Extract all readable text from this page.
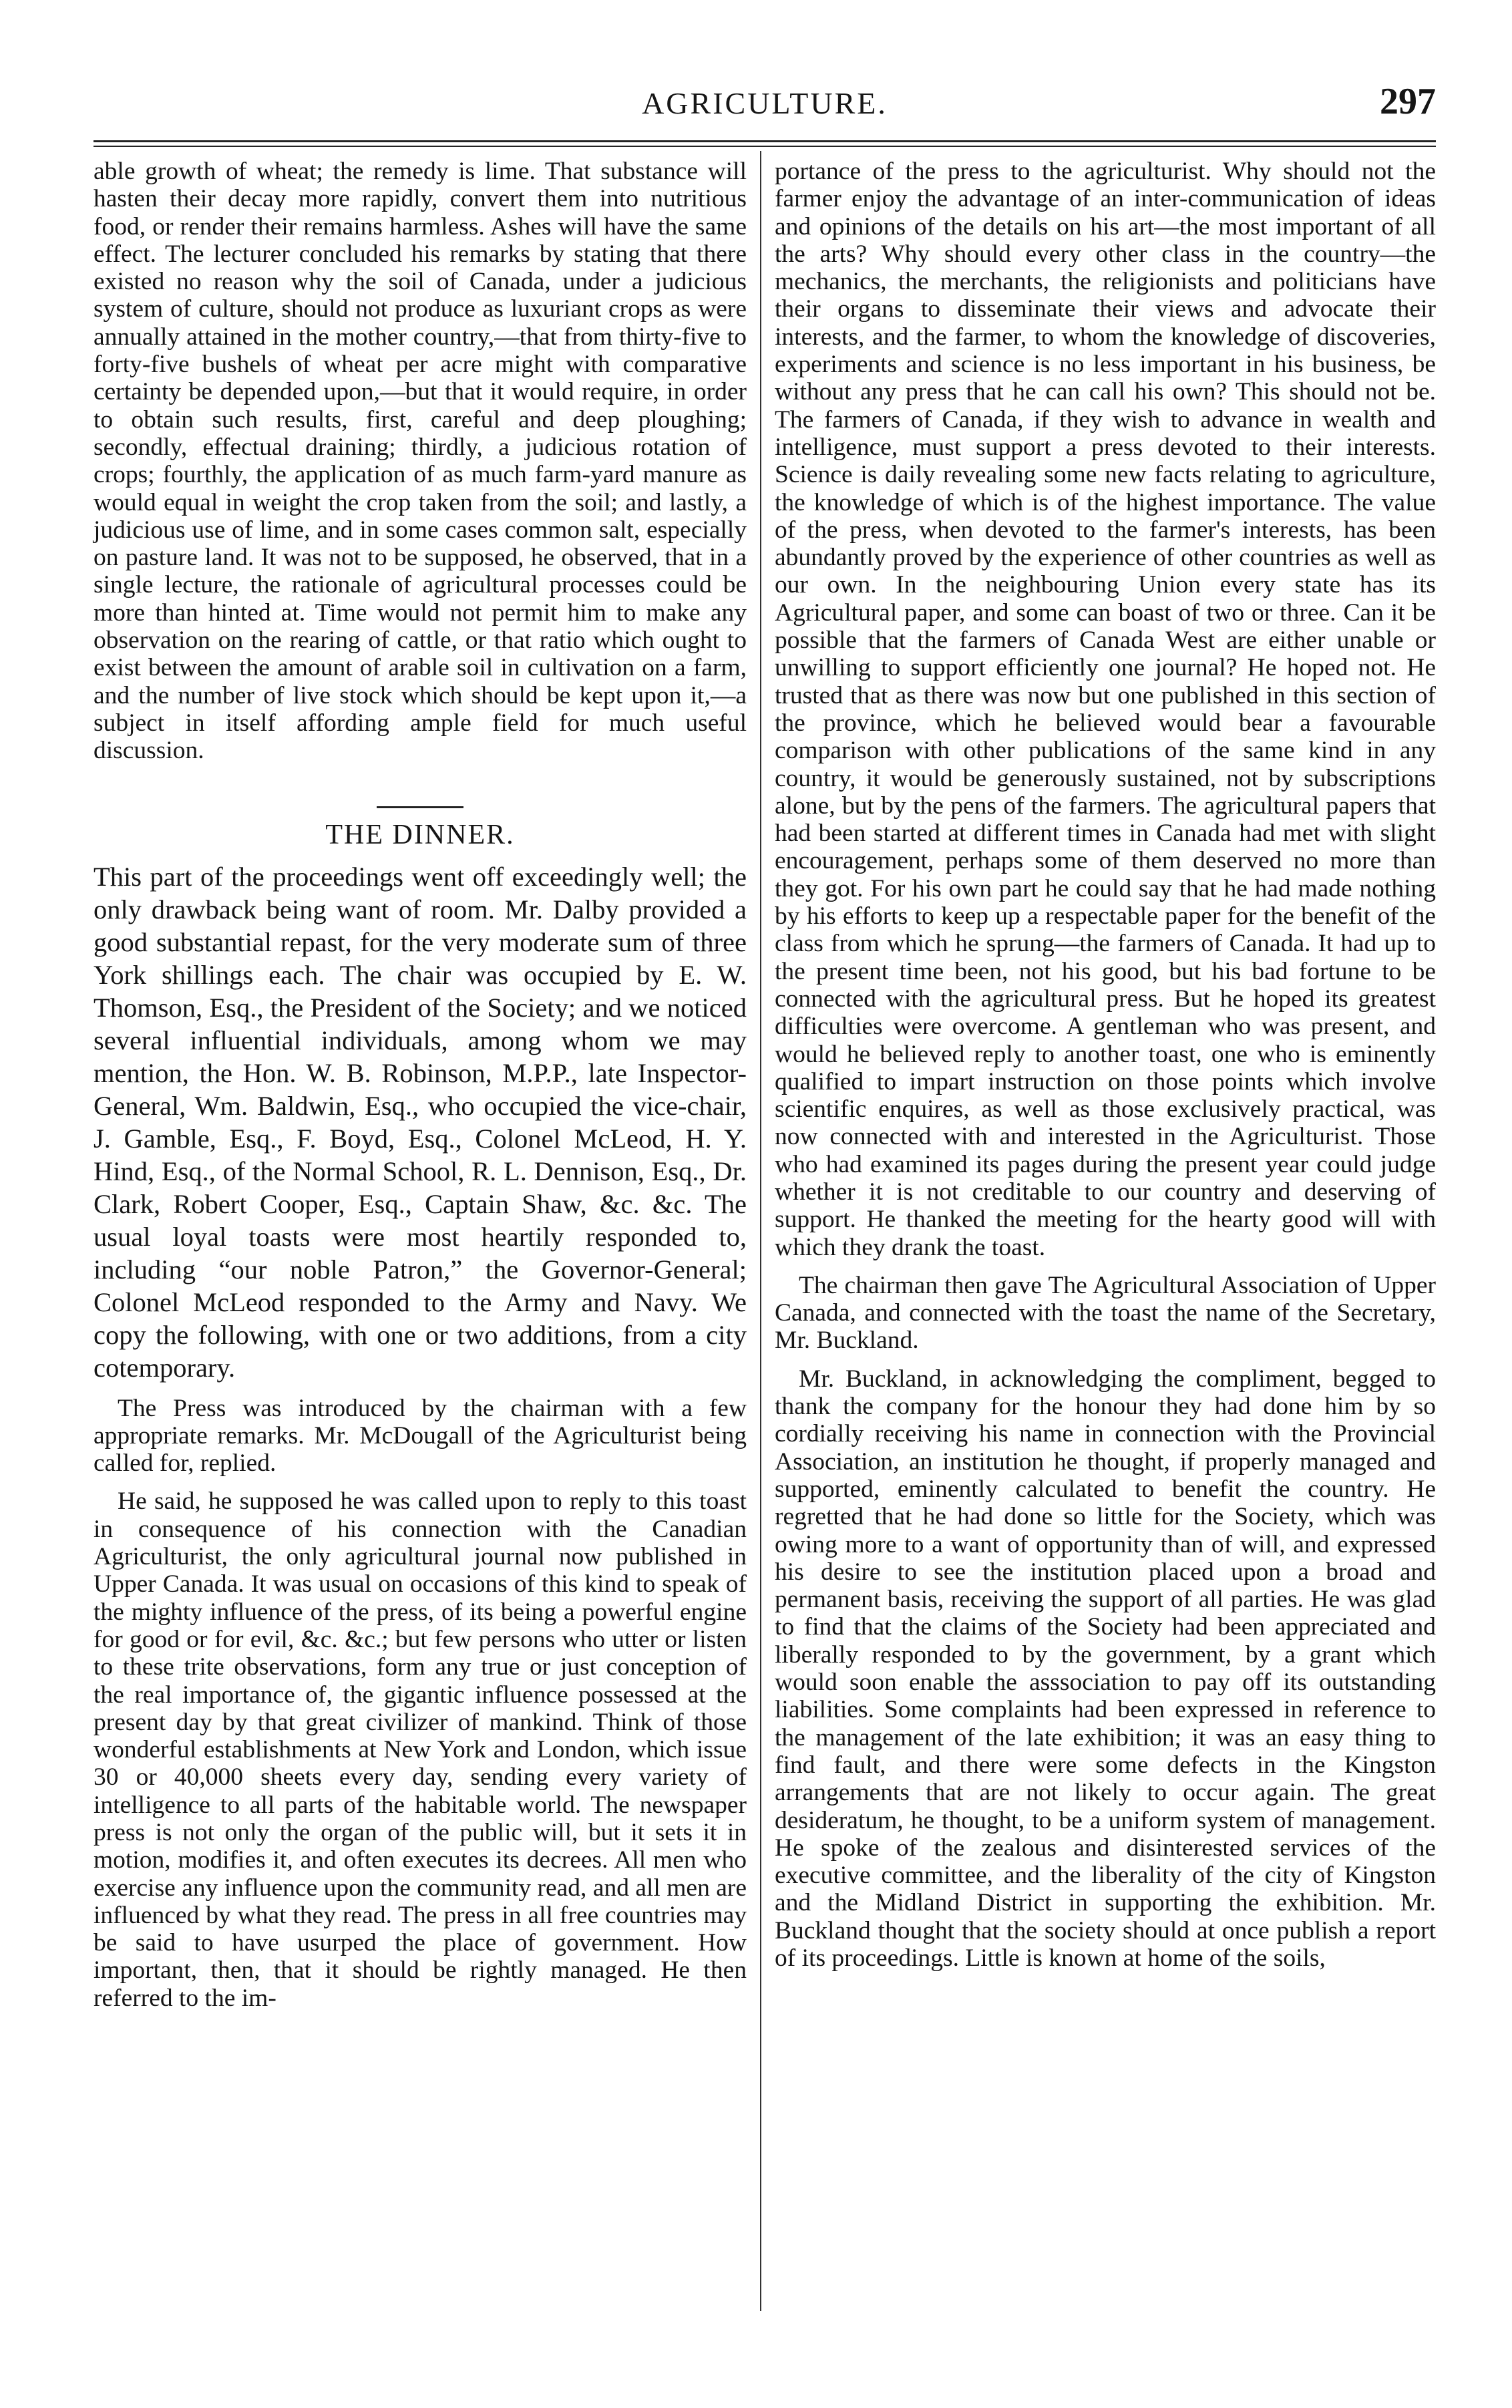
AGRICULTURE.	297

able growth of wheat; the remedy is lime. That substance will hasten their decay more rapidly, convert them into nutritious food, or render their remains harmless. Ashes will have the same effect. The lecturer concluded his remarks by stating that there existed no reason why the soil of Canada, under a judicious system of culture, should not produce as luxuriant crops as were annually attained in the mother country,—that from thirty-five to forty-five bushels of wheat per acre might with comparative certainty be depended upon,—but that it would require, in order to obtain such results, first, careful and deep ploughing; secondly, effectual draining; thirdly, a judicious rotation of crops; fourthly, the application of as much farm-yard manure as would equal in weight the crop taken from the soil; and lastly, a judicious use of lime, and in some cases common salt, especially on pasture land. It was not to be supposed, he observed, that in a single lecture, the rationale of agricultural processes could be more than hinted at. Time would not permit him to make any observation on the rearing of cattle, or that ratio which ought to exist between the amount of arable soil in cultivation on a farm, and the number of live stock which should be kept upon it,—a subject in itself affording ample field for much useful discussion.

THE DINNER.

This part of the proceedings went off exceedingly well; the only drawback being want of room. Mr. Dalby provided a good substantial repast, for the very moderate sum of three York shillings each. The chair was occupied by E. W. Thomson, Esq., the President of the Society; and we noticed several influential individuals, among whom we may mention, the Hon. W. B. Robinson, M.P.P., late Inspector-General, Wm. Baldwin, Esq., who occupied the vice-chair, J. Gamble, Esq., F. Boyd, Esq., Colonel McLeod, H. Y. Hind, Esq., of the Normal School, R. L. Dennison, Esq., Dr. Clark, Robert Cooper, Esq., Captain Shaw, &c. &c. The usual loyal toasts were most heartily responded to, including “our noble Patron,” the Governor-General; Colonel McLeod responded to the Army and Navy. We copy the following, with one or two additions, from a city cotemporary.

The Press was introduced by the chairman with a few appropriate remarks. Mr. McDougall of the Agriculturist being called for, replied.

He said, he supposed he was called upon to reply to this toast in consequence of his connection with the Canadian Agriculturist, the only agricultural journal now published in Upper Canada. It was usual on occasions of this kind to speak of the mighty influence of the press, of its being a powerful engine for good or for evil, &c. &c.; but few persons who utter or listen to these trite observations, form any true or just conception of the real importance of, the gigantic influence possessed at the present day by that great civilizer of mankind. Think of those wonderful establishments at New York and London, which issue 30 or 40,000 sheets every day, sending every variety of intelligence to all parts of the habitable world. The newspaper press is not only the organ of the public will, but it sets it in motion, modifies it, and often executes its decrees. All men who exercise any influence upon the community read, and all men are influenced by what they read. The press in all free countries may be said to have usurped the place of government. How important, then, that it should be rightly managed. He then referred to the im-

portance of the press to the agriculturist. Why should not the farmer enjoy the advantage of an inter-communication of ideas and opinions of the details on his art—the most important of all the arts? Why should every other class in the country—the mechanics, the merchants, the religionists and politicians have their organs to disseminate their views and advocate their interests, and the farmer, to whom the knowledge of discoveries, experiments and science is no less important in his business, be without any press that he can call his own? This should not be. The farmers of Canada, if they wish to advance in wealth and intelligence, must support a press devoted to their interests. Science is daily revealing some new facts relating to agriculture, the knowledge of which is of the highest importance. The value of the press, when devoted to the farmer's interests, has been abundantly proved by the experience of other countries as well as our own. In the neighbouring Union every state has its Agricultural paper, and some can boast of two or three. Can it be possible that the farmers of Canada West are either unable or unwilling to support efficiently one journal? He hoped not. He trusted that as there was now but one published in this section of the province, which he believed would bear a favourable comparison with other publications of the same kind in any country, it would be generously sustained, not by subscriptions alone, but by the pens of the farmers. The agricultural papers that had been started at different times in Canada had met with slight encouragement, perhaps some of them deserved no more than they got. For his own part he could say that he had made nothing by his efforts to keep up a respectable paper for the benefit of the class from which he sprung—the farmers of Canada. It had up to the present time been, not his good, but his bad fortune to be connected with the agricultural press. But he hoped its greatest difficulties were overcome. A gentleman who was present, and would he believed reply to another toast, one who is eminently qualified to impart instruction on those points which involve scientific enquires, as well as those exclusively practical, was now connected with and interested in the Agriculturist. Those who had examined its pages during the present year could judge whether it is not creditable to our country and deserving of support. He thanked the meeting for the hearty good will with which they drank the toast.

The chairman then gave The Agricultural Association of Upper Canada, and connected with the toast the name of the Secretary, Mr. Buckland.

Mr. Buckland, in acknowledging the compliment, begged to thank the company for the honour they had done him by so cordially receiving his name in connection with the Provincial Association, an institution he thought, if properly managed and supported, eminently calculated to benefit the country. He regretted that he had done so little for the Society, which was owing more to a want of opportunity than of will, and expressed his desire to see the institution placed upon a broad and permanent basis, receiving the support of all parties. He was glad to find that the claims of the Society had been appreciated and liberally responded to by the government, by a grant which would soon enable the asssociation to pay off its outstanding liabilities. Some complaints had been expressed in reference to the management of the late exhibition; it was an easy thing to find fault, and there were some defects in the Kingston arrangements that are not likely to occur again. The great desideratum, he thought, to be a uniform system of management. He spoke of the zealous and disinterested services of the executive committee, and the liberality of the city of Kingston and the Midland District in supporting the exhibition. Mr. Buckland thought that the society should at once publish a report of its proceedings. Little is known at home of the soils,
